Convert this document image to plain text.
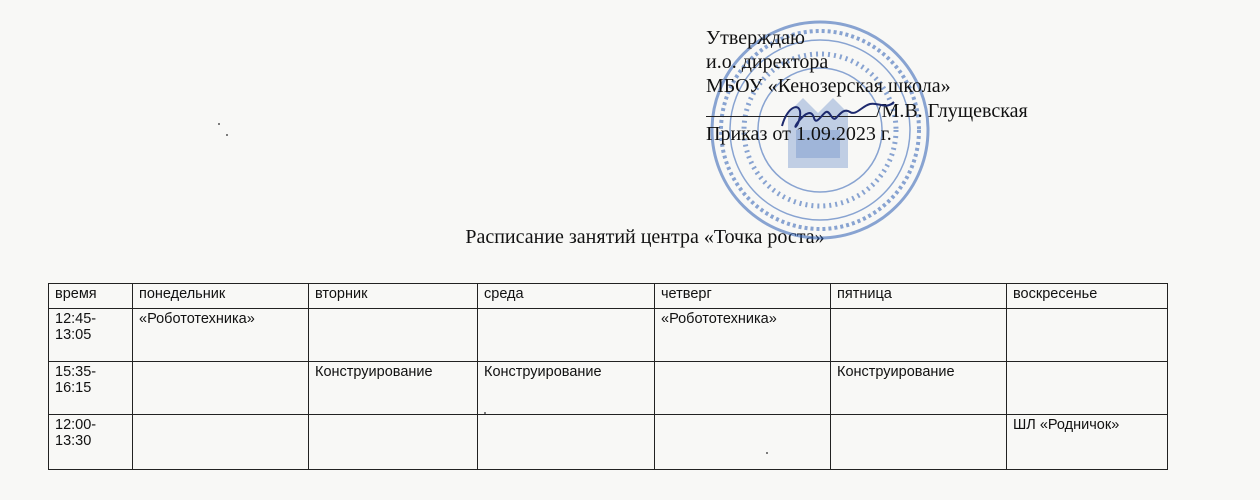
Утверждаю
и.о. директора
МБОУ «Кенозерская школа»
/М.В. Глущевская
Приказ от 1.09.2023 г.
Расписание занятий центра «Точка роста»
время	понедельник	вторник	среда	четверг	пятница	воскресенье
12:45-13:05	«Робототехника»			«Робототехника»		
15:35-16:15		Конструирование	Конструирование		Конструирование	
12:00-13:30						ШЛ «Родничок»
